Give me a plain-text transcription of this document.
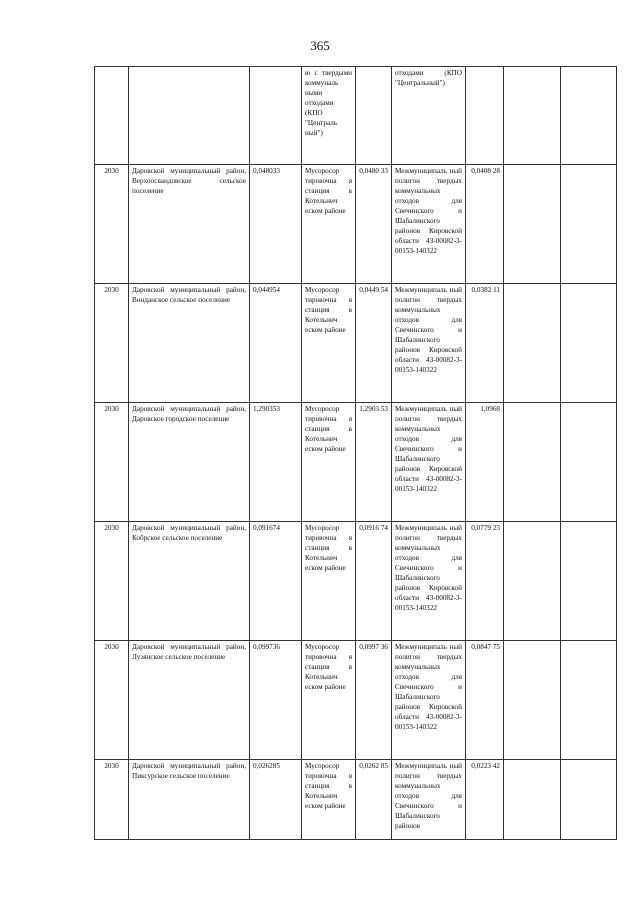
365
			ю с твердыми коммуналь ными отходами (КПО "Централь ный")		отходами (КПО "Центральный")			
2030	Даровской муниципальный район, Верхоосвандовское сельское поселение	0,048033	Мусоросор тировочна я станция в Котельнич еском районе	0,0480 33	Межмуниципаль ный полигон твердых коммунальных отходов для Свечинского и Шабалинского районов Кировской области 43-00082-3-00153-140322	0,0408 28		
2030	Даровской муниципальный район, Вонданское сельское поселение	0,044954	Мусоросор тировочна я станция в Котельнич еском районе	0,0449 54	Межмуниципаль ный полигон твердых коммунальных отходов для Свечинского и Шабалинского районов Кировской области 43-00082-3-00153-140322	0,0382 11		
2030	Даровской муниципальный район, Даровское городское поселение	1,290353	Мусоросор тировочна я станция в Котельнич еском районе	1,2903 53	Межмуниципаль ный полигон твердых коммунальных отходов для Свечинского и Шабалинского районов Кировской области 43-00082-3-00153-140322	1,0968		
2030	Даровской муниципальный район, Кобрское сельское поселение	0,091674	Мусоросор тировочна я станция в Котельнич еском районе	0,0916 74	Межмуниципаль ный полигон твердых коммунальных отходов для Свечинского и Шабалинского районов Кировской области 43-00082-3-00153-140322	0,0779 23		
2030	Даровской муниципальный район, Лузянское сельское поселение	0,099736	Мусоросор тировочна я станция в Котельнич еском районе	0,0997 36	Межмуниципаль ный полигон твердых коммунальных отходов для Свечинского и Шабалинского районов Кировской области 43-00082-3-00153-140322	0,0847 75		
2030	Даровской муниципальный район, Пиксурское сельское поселение	0,026285	Мусоросор тировочна я станция в Котельнич еском районе	0,0262 85	Межмуниципаль ный полигон твердых коммунальных отходов для Свечинского и Шабалинского районов	0,0223 42		
